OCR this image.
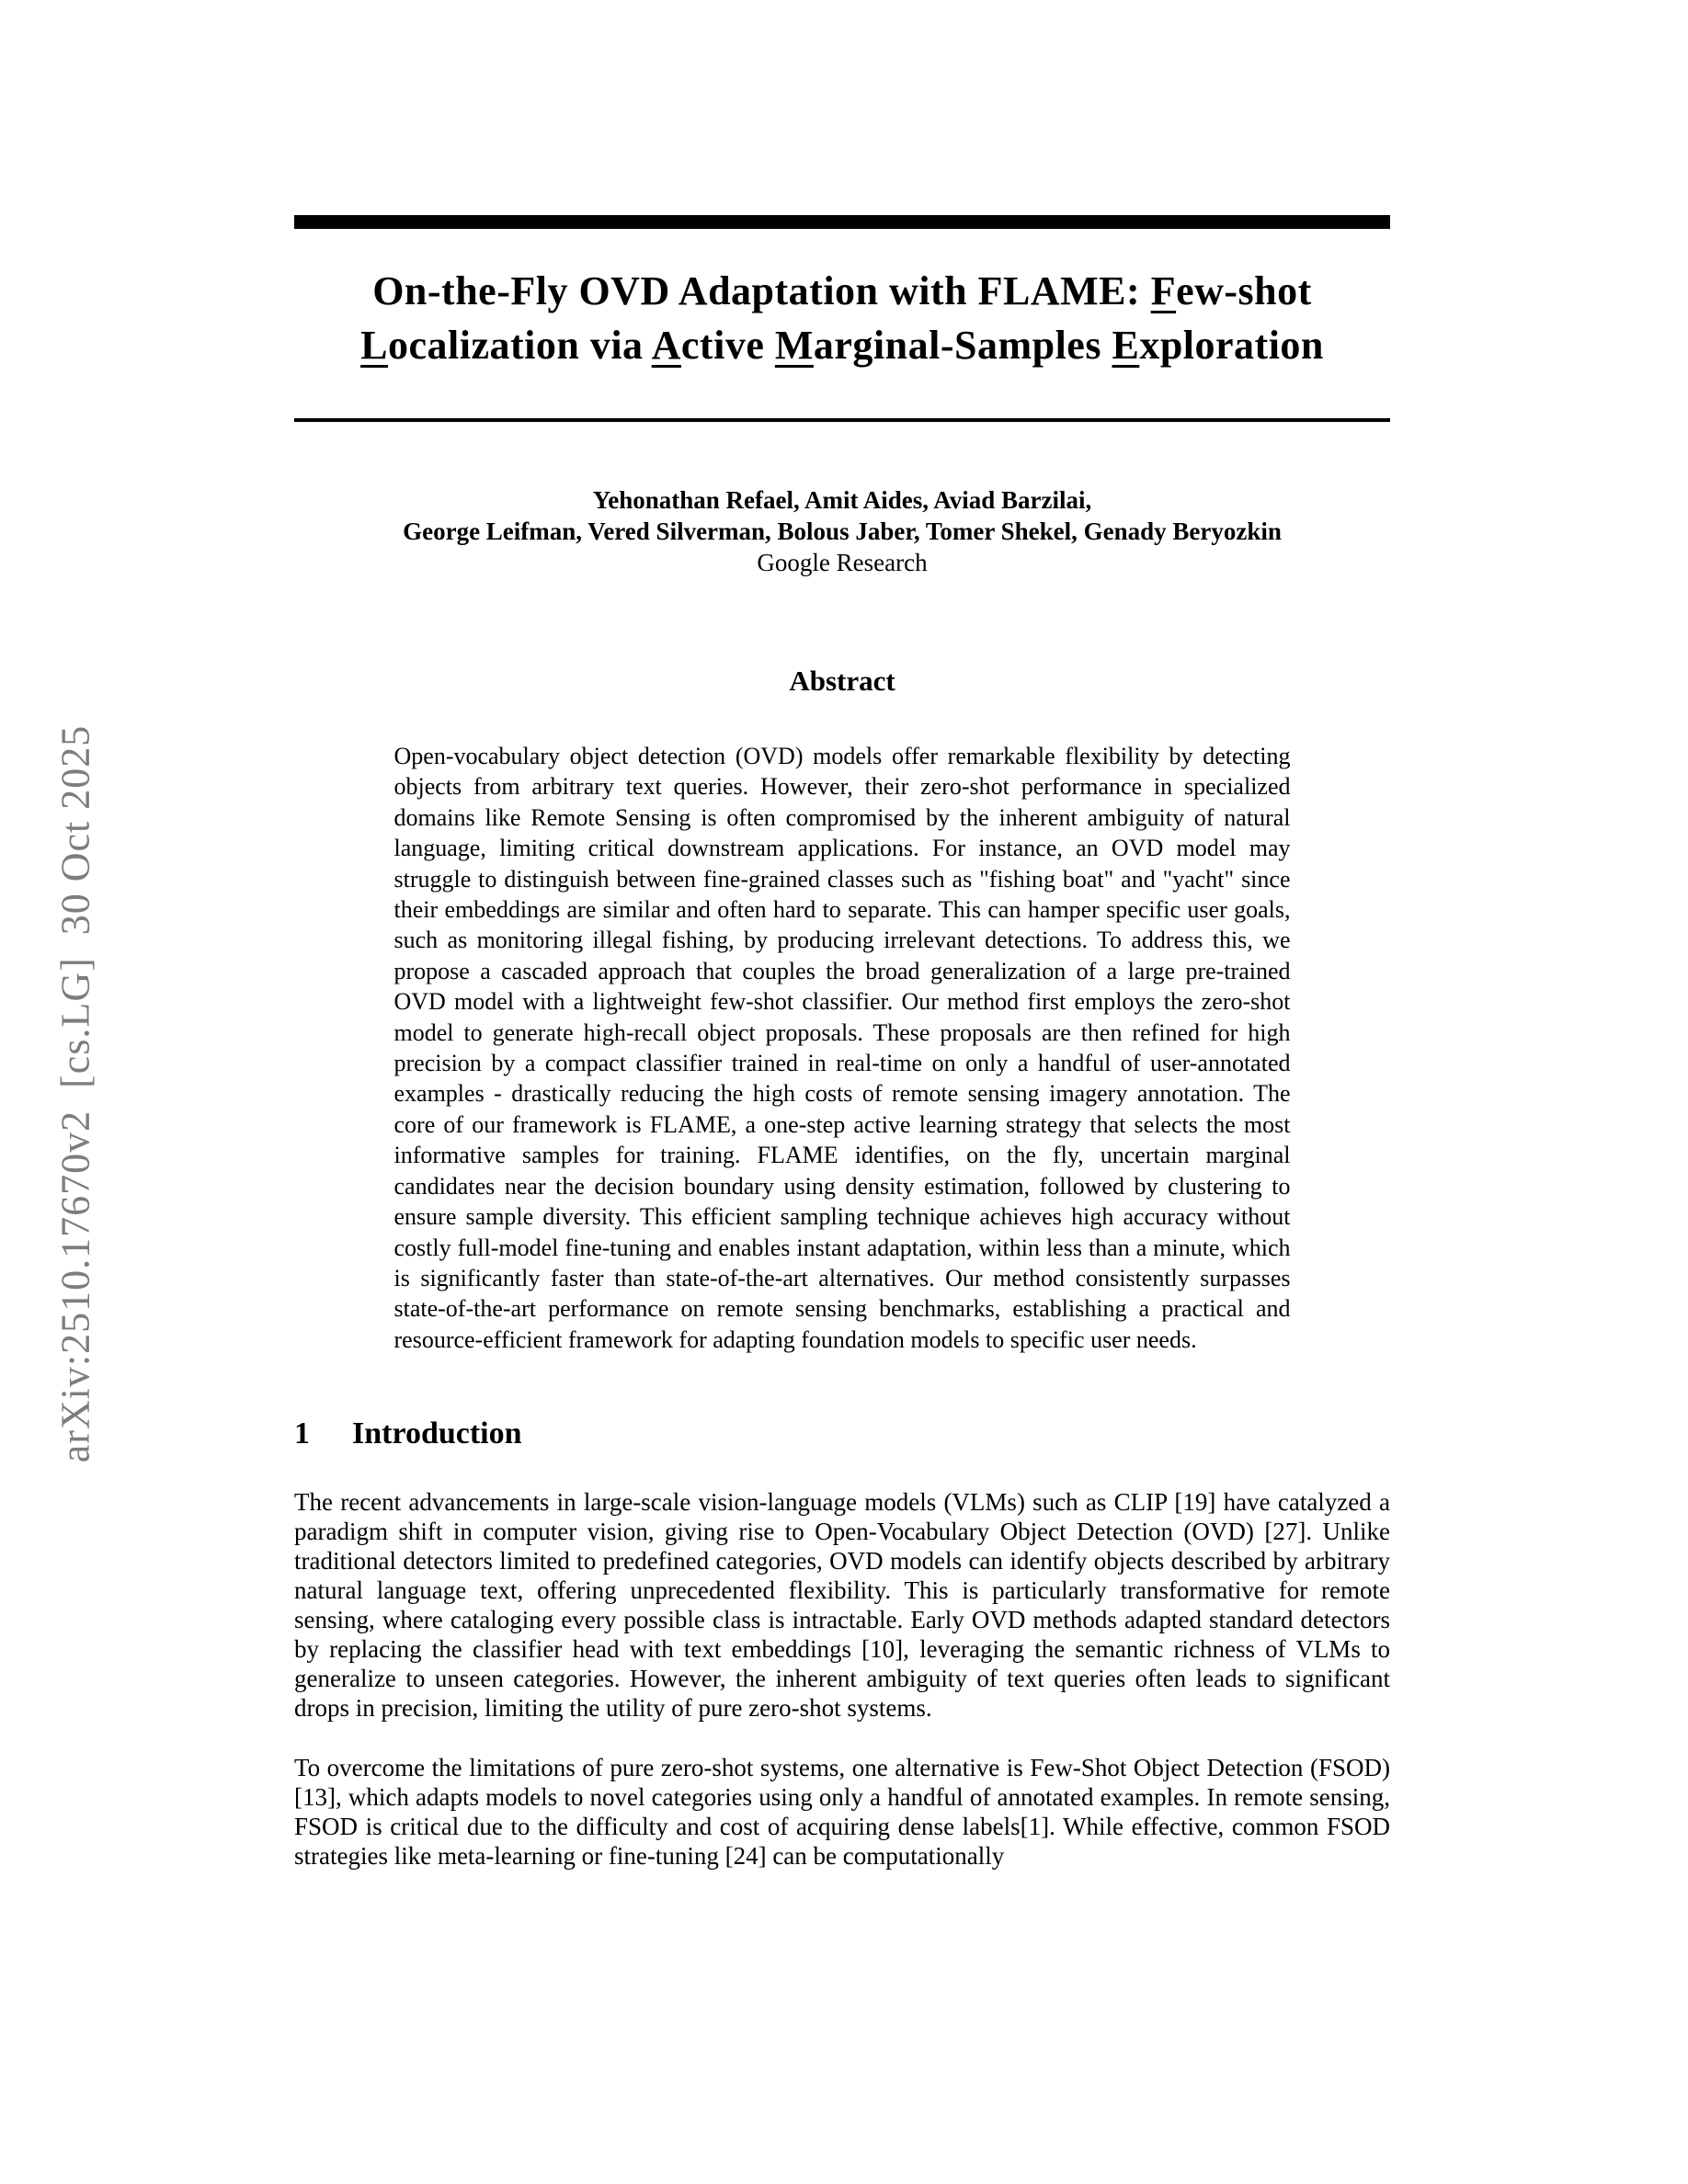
arXiv:2510.17670v2  [cs.LG]  30 Oct 2025
On-the-Fly OVD Adaptation with FLAME: Few-shot
Localization via Active Marginal-Samples Exploration
Yehonathan Refael, Amit Aides, Aviad Barzilai,
George Leifman, Vered Silverman, Bolous Jaber, Tomer Shekel, Genady Beryozkin
Google Research
Abstract

Open-vocabulary object detection (OVD) models offer remarkable flexibility by detecting objects from arbitrary text queries. However, their zero-shot performance in specialized domains like Remote Sensing is often compromised by the inherent ambiguity of natural language, limiting critical downstream applications. For instance, an OVD model may struggle to distinguish between fine-grained classes such as "fishing boat" and "yacht" since their embeddings are similar and often hard to separate. This can hamper specific user goals, such as monitoring illegal fishing, by producing irrelevant detections. To address this, we propose a cascaded approach that couples the broad generalization of a large pre-trained OVD model with a lightweight few-shot classifier. Our method first employs the zero-shot model to generate high-recall object proposals. These proposals are then refined for high precision by a compact classifier trained in real-time on only a handful of user-annotated examples - drastically reducing the high costs of remote sensing imagery annotation. The core of our framework is FLAME, a one-step active learning strategy that selects the most informative samples for training. FLAME identifies, on the fly, uncertain marginal candidates near the decision boundary using density estimation, followed by clustering to ensure sample diversity. This efficient sampling technique achieves high accuracy without costly full-model fine-tuning and enables instant adaptation, within less than a minute, which is significantly faster than state-of-the-art alternatives. Our method consistently surpasses state-of-the-art performance on remote sensing benchmarks, establishing a practical and resource-efficient framework for adapting foundation models to specific user needs.

1 Introduction

The recent advancements in large-scale vision-language models (VLMs) such as CLIP [19] have catalyzed a paradigm shift in computer vision, giving rise to Open-Vocabulary Object Detection (OVD) [27]. Unlike traditional detectors limited to predefined categories, OVD models can identify objects described by arbitrary natural language text, offering unprecedented flexibility. This is particularly transformative for remote sensing, where cataloging every possible class is intractable. Early OVD methods adapted standard detectors by replacing the classifier head with text embeddings [10], leveraging the semantic richness of VLMs to generalize to unseen categories. However, the inherent ambiguity of text queries often leads to significant drops in precision, limiting the utility of pure zero-shot systems.

To overcome the limitations of pure zero-shot systems, one alternative is Few-Shot Object Detection (FSOD) [13], which adapts models to novel categories using only a handful of annotated examples. In remote sensing, FSOD is critical due to the difficulty and cost of acquiring dense labels[1]. While effective, common FSOD strategies like meta-learning or fine-tuning [24] can be computationally
